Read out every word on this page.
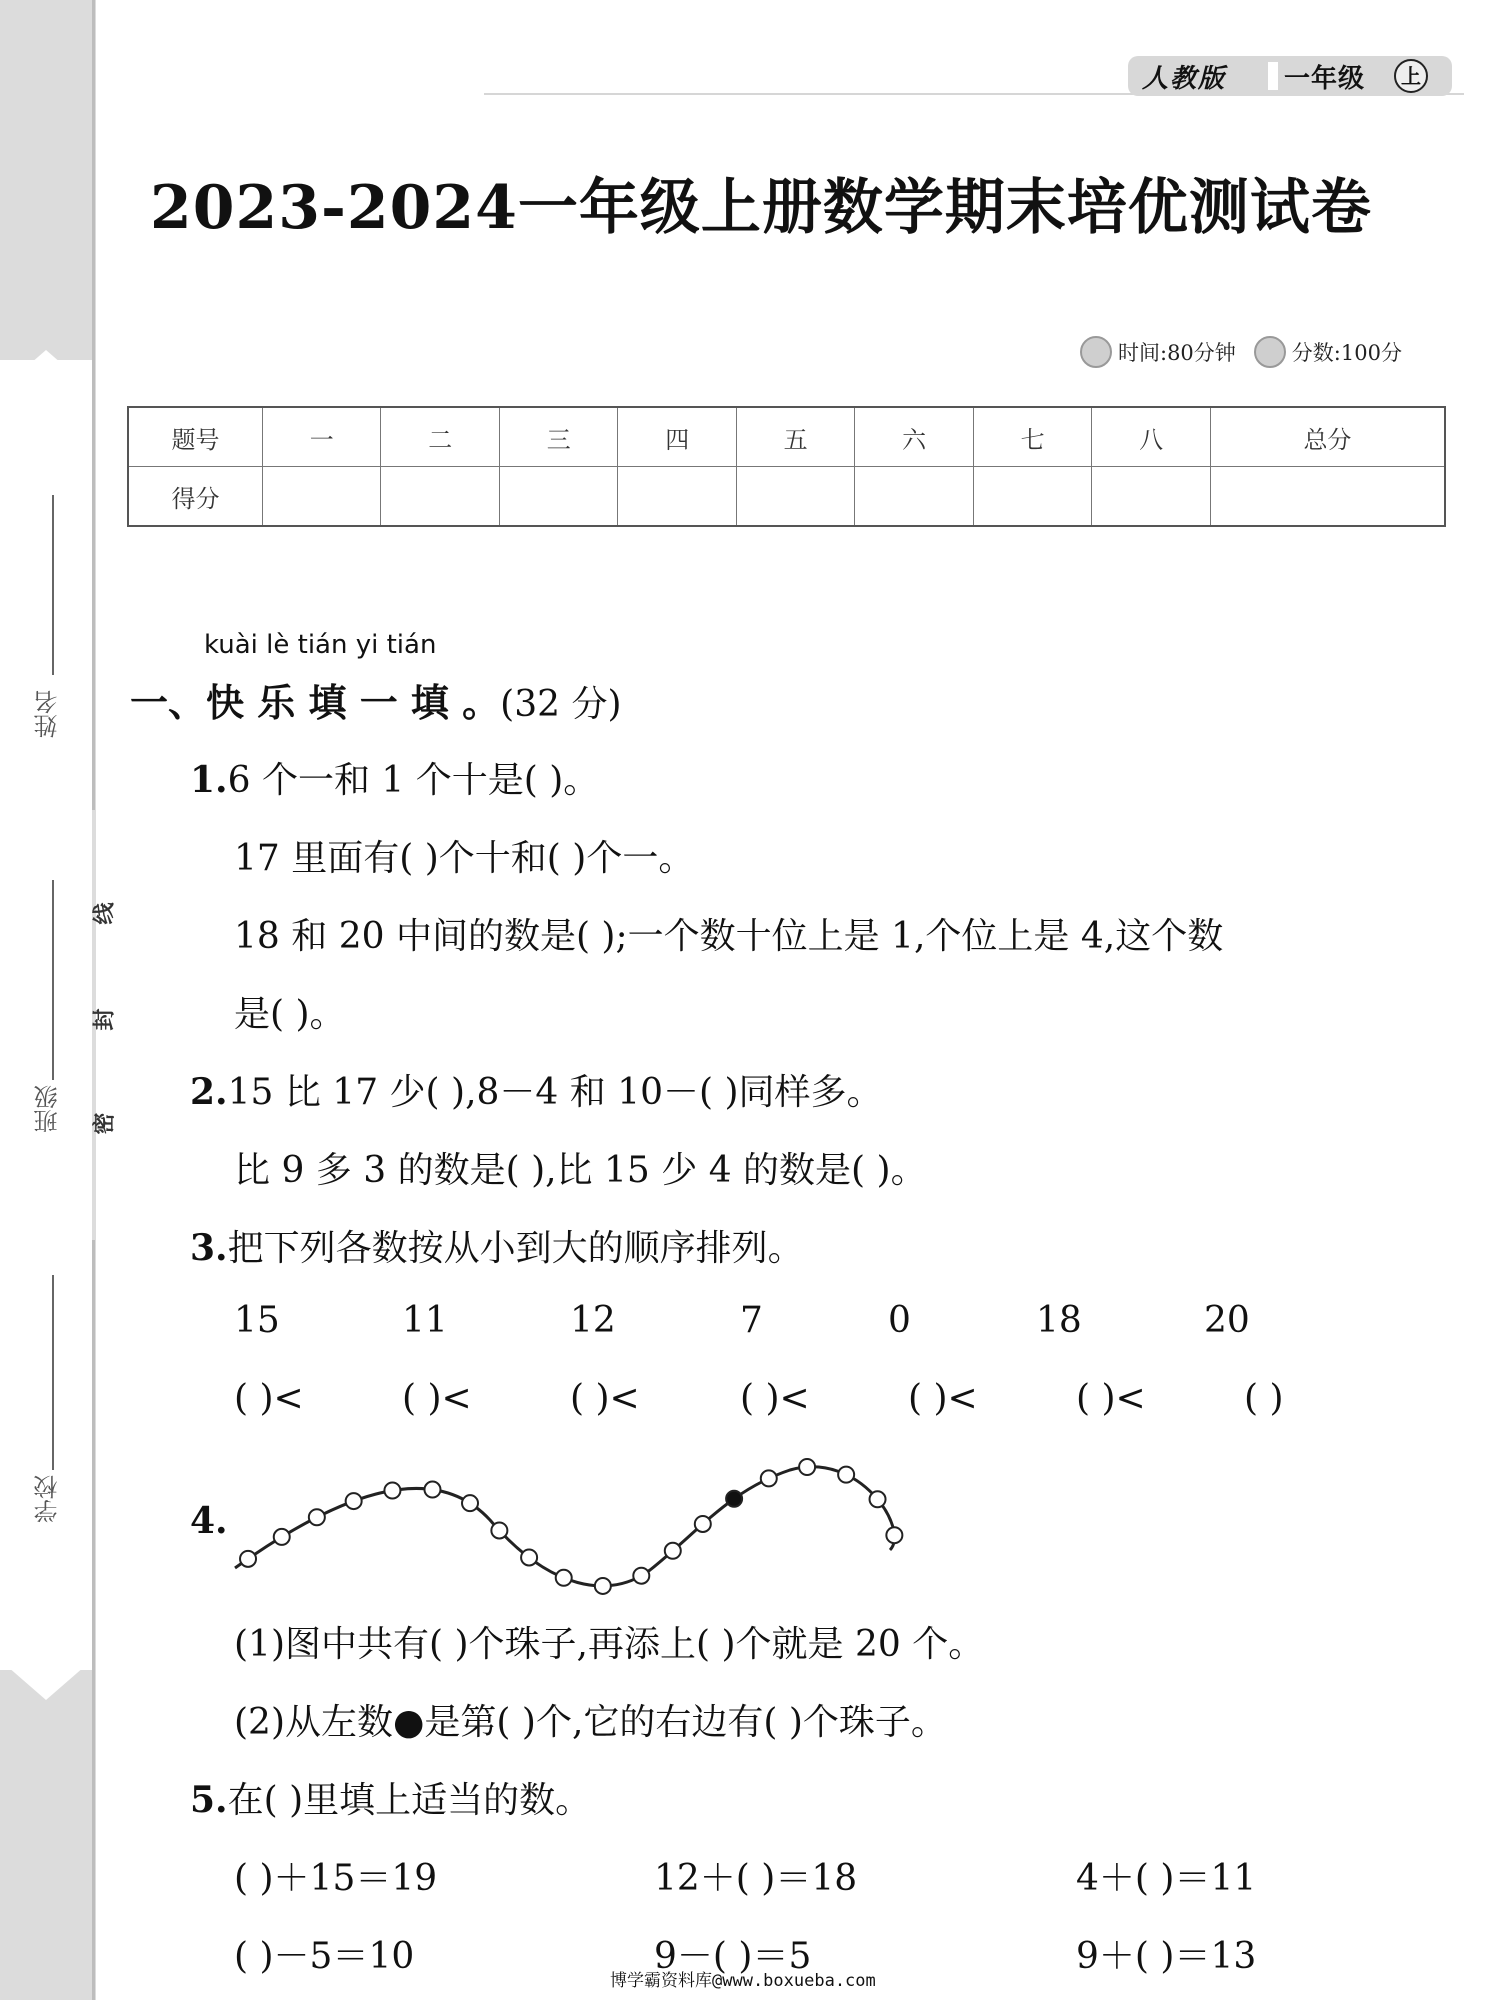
姓名
班级
学校
线
封
密
人教版	一年级	上
2023-2024一年级上册数学期末培优测试卷
时间:80分钟	分数:100分
题号	一	二	三	四	五	六	七	八	总分
得分									
kuài lè tián yi tián
一、快 乐 填 一 填 。(32 分)
1.6 个一和 1 个十是( )。
17 里面有( )个十和( )个一。
18 和 20 中间的数是( );一个数十位上是 1,个位上是 4,这个数
是( )。
2.15 比 17 少( ),8－4 和 10－( )同样多。
比 9 多 3 的数是( ),比 15 少 4 的数是( )。
3.把下列各数按从小到大的顺序排列。
15	11	12	7	0	18	20
( )<	( )<	( )<	( )<	( )<	( )<	( )
4.
(1)图中共有( )个珠子,再添上( )个就是 20 个。
(2)从左数●是第( )个,它的右边有( )个珠子。
5.在( )里填上适当的数。
( )＋15＝19	12＋( )＝18	4＋( )＝11
( )－5＝10	9－( )＝5	9＋( )＝13
博学霸资料库@www.boxueba.com
